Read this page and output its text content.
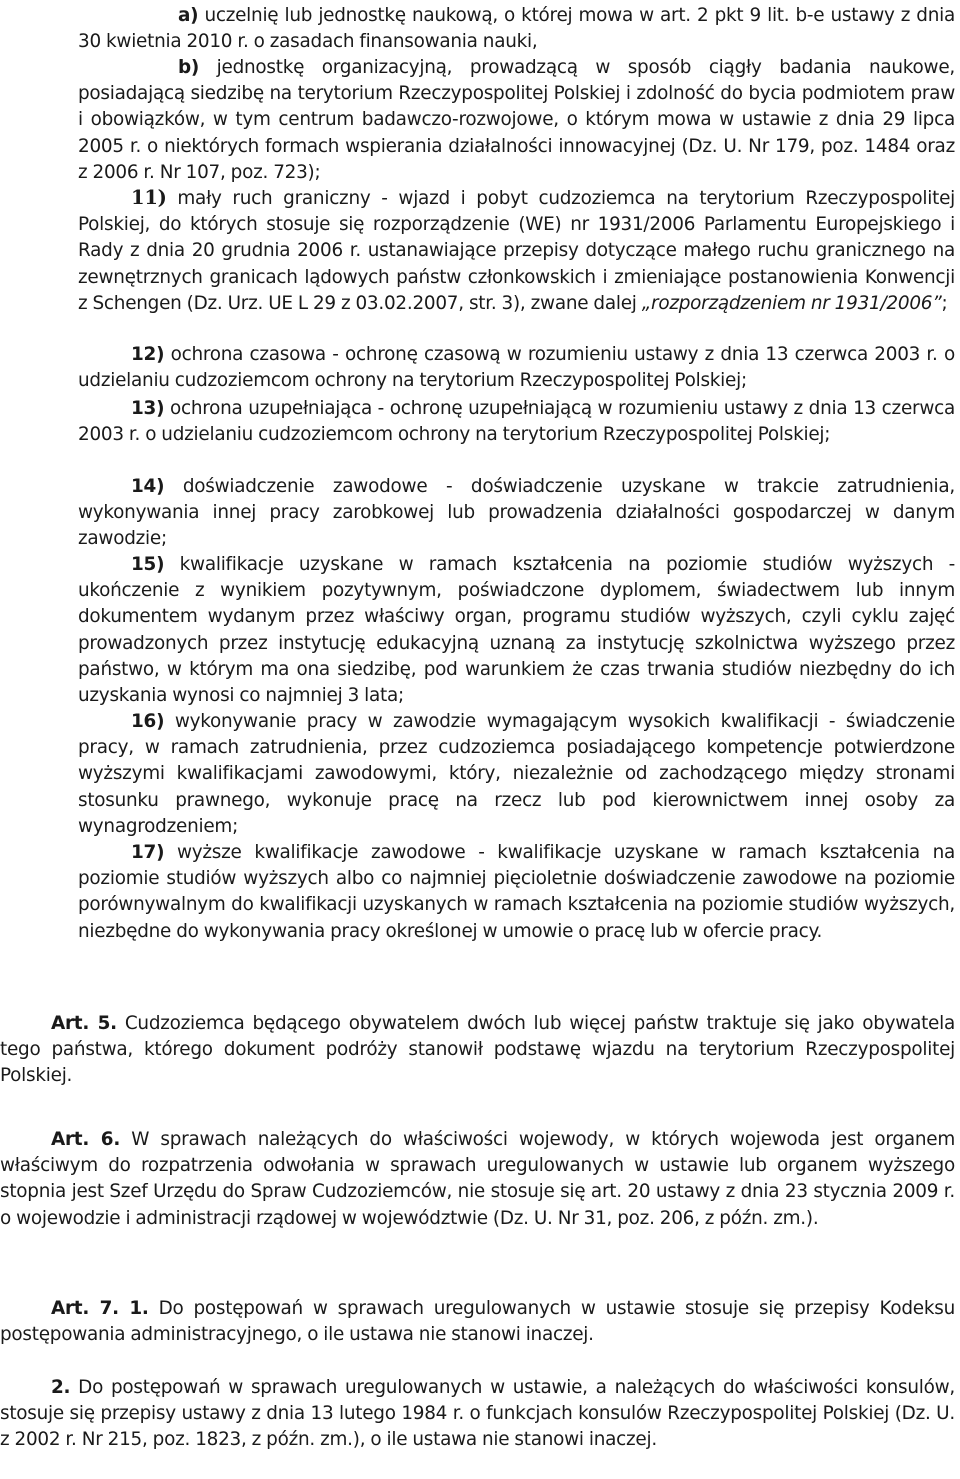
a) uczelnię lub jednostkę naukową, o której mowa w art. 2 pkt 9 lit. b-e ustawy z dnia 30 kwietnia 2010 r. o zasadach finansowania nauki,

b) jednostkę organizacyjną, prowadzącą w sposób ciągły badania naukowe, posiadającą siedzibę na terytorium Rzeczypospolitej Polskiej i zdolność do bycia podmiotem praw i obowiązków, w tym centrum badawczo-rozwojowe, o którym mowa w ustawie z dnia 29 lipca 2005 r. o niektórych formach wspierania działalności innowacyjnej (Dz. U. Nr 179, poz. 1484 oraz z 2006 r. Nr 107, poz. 723);

11) mały ruch graniczny - wjazd i pobyt cudzoziemca na terytorium Rzeczypospolitej Polskiej, do których stosuje się rozporządzenie (WE) nr 1931/2006 Parlamentu Europejskiego i Rady z dnia 20 grudnia 2006 r. ustanawiające przepisy dotyczące małego ruchu granicznego na zewnętrznych granicach lądowych państw członkowskich i zmieniające postanowienia Konwencji z Schengen (Dz. Urz. UE L 29 z 03.02.2007, str. 3), zwane dalej „rozporządzeniem nr 1931/2006”;

12) ochrona czasowa - ochronę czasową w rozumieniu ustawy z dnia 13 czerwca 2003 r. o udzielaniu cudzoziemcom ochrony na terytorium Rzeczypospolitej Polskiej;

13) ochrona uzupełniająca - ochronę uzupełniającą w rozumieniu ustawy z dnia 13 czerwca 2003 r. o udzielaniu cudzoziemcom ochrony na terytorium Rzeczypospolitej Polskiej;

14) doświadczenie zawodowe - doświadczenie uzyskane w trakcie zatrudnienia, wykonywania innej pracy zarobkowej lub prowadzenia działalności gospodarczej w danym zawodzie;

15) kwalifikacje uzyskane w ramach kształcenia na poziomie studiów wyższych - ukończenie z wynikiem pozytywnym, poświadczone dyplomem, świadectwem lub innym dokumentem wydanym przez właściwy organ, programu studiów wyższych, czyli cyklu zajęć prowadzonych przez instytucję edukacyjną uznaną za instytucję szkolnictwa wyższego przez państwo, w którym ma ona siedzibę, pod warunkiem że czas trwania studiów niezbędny do ich uzyskania wynosi co najmniej 3 lata;

16) wykonywanie pracy w zawodzie wymagającym wysokich kwalifikacji - świadczenie pracy, w ramach zatrudnienia, przez cudzoziemca posiadającego kompetencje potwierdzone wyższymi kwalifikacjami zawodowymi, który, niezależnie od zachodzącego między stronami stosunku prawnego, wykonuje pracę na rzecz lub pod kierownictwem innej osoby za wynagrodzeniem;

17) wyższe kwalifikacje zawodowe - kwalifikacje uzyskane w ramach kształcenia na poziomie studiów wyższych albo co najmniej pięcioletnie doświadczenie zawodowe na poziomie porównywalnym do kwalifikacji uzyskanych w ramach kształcenia na poziomie studiów wyższych, niezbędne do wykonywania pracy określonej w umowie o pracę lub w ofercie pracy.

Art. 5. Cudzoziemca będącego obywatelem dwóch lub więcej państw traktuje się jako obywatela tego państwa, którego dokument podróży stanowił podstawę wjazdu na terytorium Rzeczypospolitej Polskiej.

Art. 6. W sprawach należących do właściwości wojewody, w których wojewoda jest organem właściwym do rozpatrzenia odwołania w sprawach uregulowanych w ustawie lub organem wyższego stopnia jest Szef Urzędu do Spraw Cudzoziemców, nie stosuje się art. 20 ustawy z dnia 23 stycznia 2009 r. o wojewodzie i administracji rządowej w województwie (Dz. U. Nr 31, poz. 206, z późn. zm.).

Art. 7. 1. Do postępowań w sprawach uregulowanych w ustawie stosuje się przepisy Kodeksu postępowania administracyjnego, o ile ustawa nie stanowi inaczej.

2. Do postępowań w sprawach uregulowanych w ustawie, a należących do właściwości konsulów, stosuje się przepisy ustawy z dnia 13 lutego 1984 r. o funkcjach konsulów Rzeczypospolitej Polskiej (Dz. U. z 2002 r. Nr 215, poz. 1823, z późn. zm.), o ile ustawa nie stanowi inaczej.
